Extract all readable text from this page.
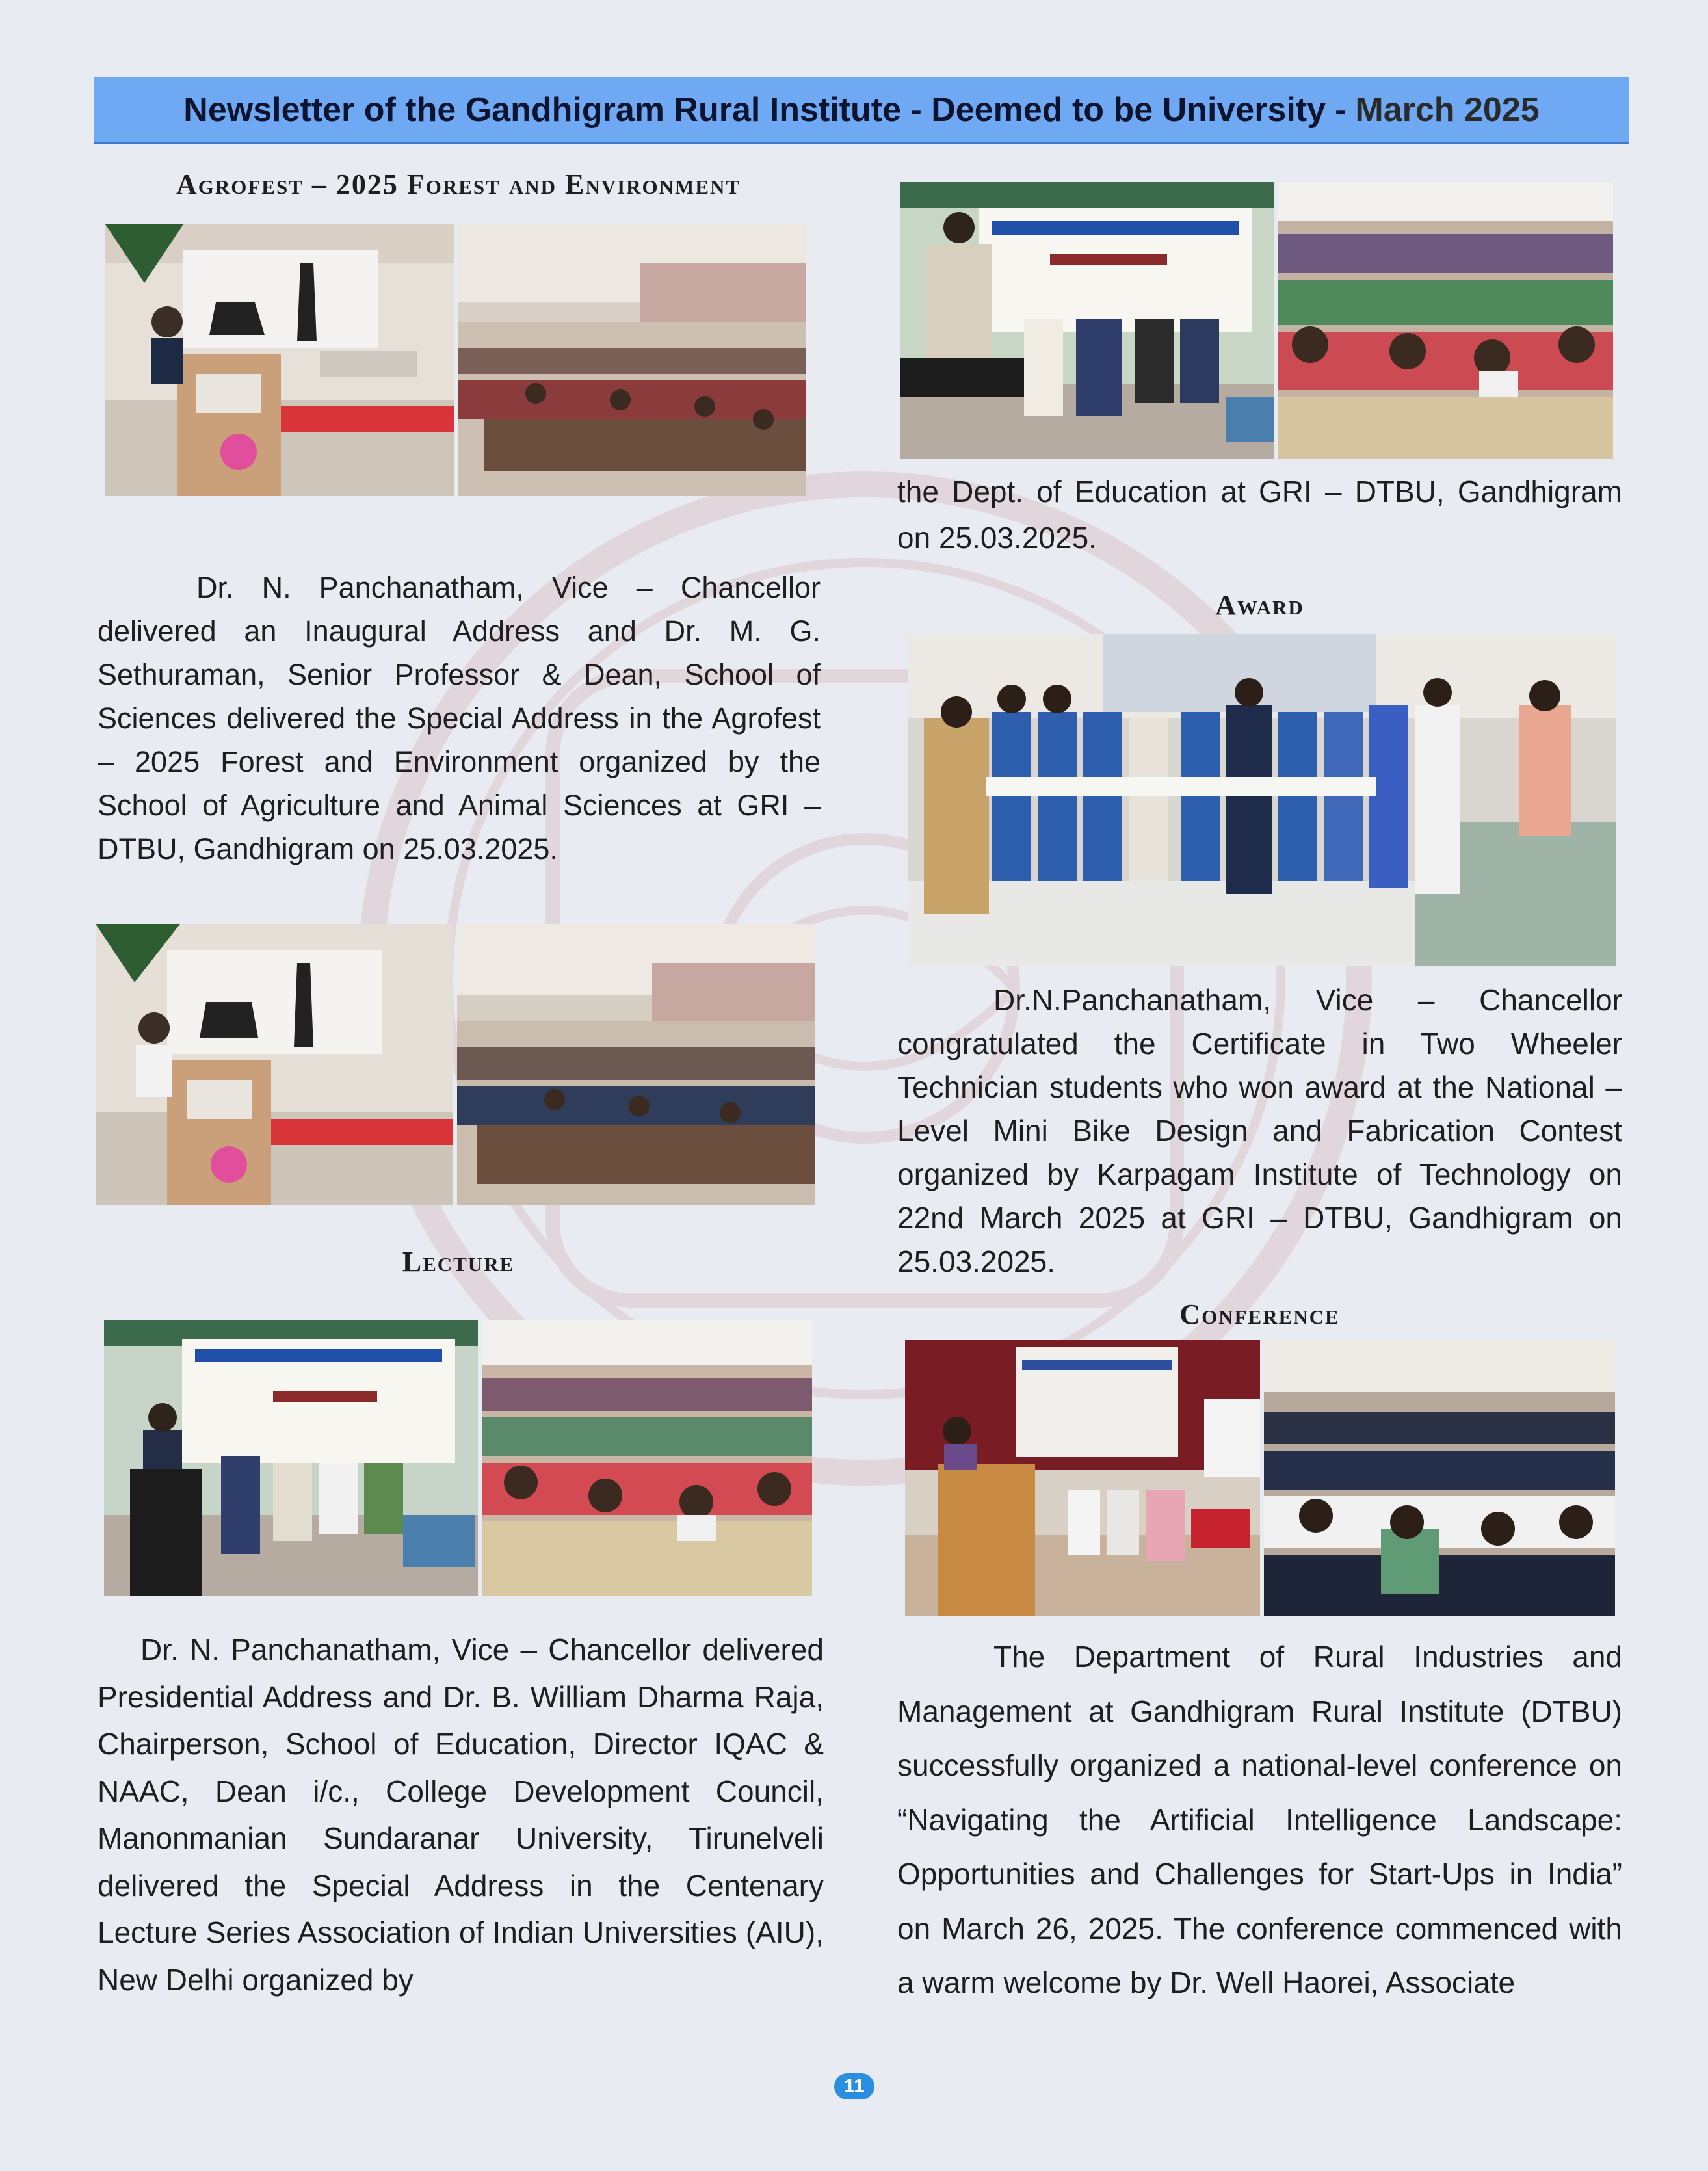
Newsletter of the Gandhigram Rural Institute - Deemed to be University - March 2025
Agrofest – 2025 Forest and Environment

Dr. N. Panchanatham, Vice – Chancellor delivered an Inaugural Address and Dr. M. G. Sethuraman, Senior Professor & Dean, School of Sciences delivered the Special Address in the Agrofest – 2025 Forest and Environment organized by the School of Agriculture and Animal Sciences at GRI – DTBU, Gandhigram on 25.03.2025.

Lecture

Dr. N. Panchanatham, Vice – Chancellor delivered Presidential Address and Dr. B. William Dharma Raja, Chairperson, School of Education, Director IQAC & NAAC, Dean i/c., College Development Council, Manonmanian Sundaranar University, Tirunelveli delivered the Special Address in the Centenary Lecture Series Association of Indian Universities (AIU), New Delhi organized by

the Dept. of Education at GRI – DTBU, Gandhigram on 25.03.2025.

Award

Dr.N.Panchanatham, Vice – Chancellor congratulated the Certificate in Two Wheeler Technician students who won award at the National – Level Mini Bike Design and Fabrication Contest organized by Karpagam Institute of Technology on 22nd March 2025 at GRI – DTBU, Gandhigram on 25.03.2025.

Conference

The Department of Rural Industries and Management at Gandhigram Rural Institute (DTBU) successfully organized a national-level conference on “Navigating the Artificial Intelligence Landscape: Opportunities and Challenges for Start-Ups in India” on March 26, 2025. The conference commenced with a warm welcome by Dr. Well Haorei, Associate

11
